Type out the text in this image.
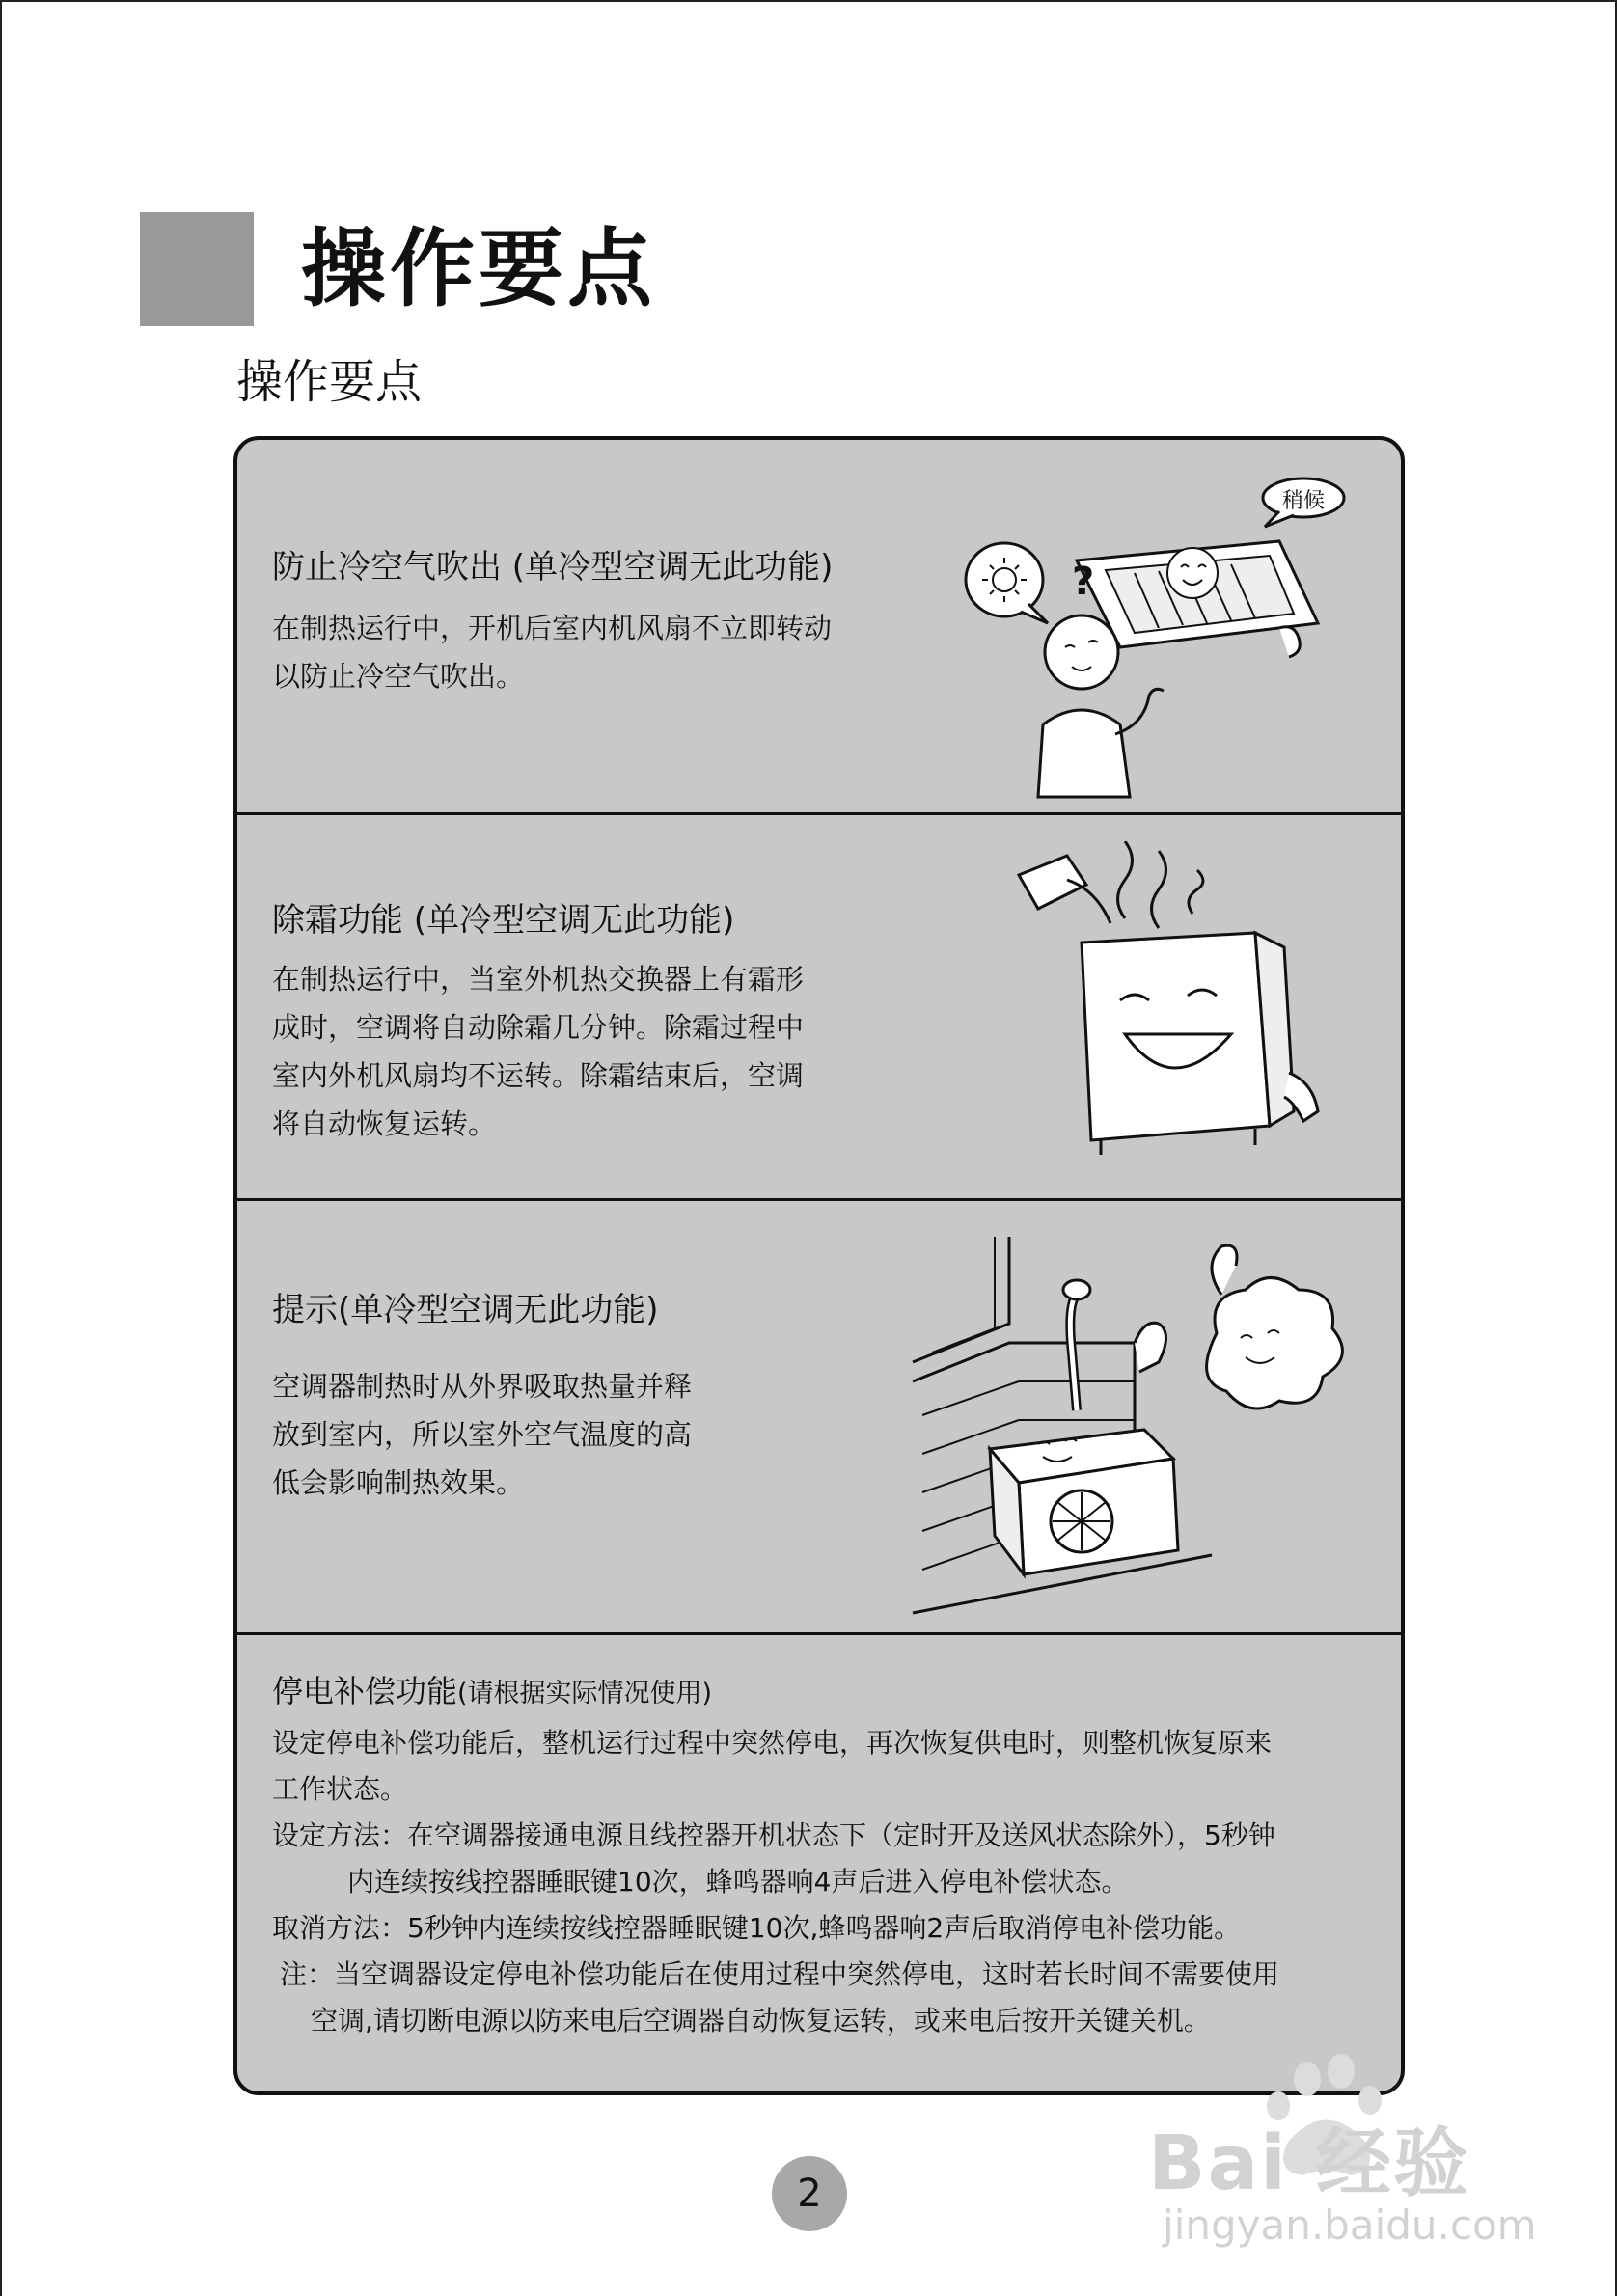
操作要点
操作要点
防止冷空气吹出 (单冷型空调无此功能)

在制热运行中，开机后室内机风扇不立即转动
以防止冷空气吹出。

稍候
?
除霜功能 (单冷型空调无此功能)

在制热运行中，当室外机热交换器上有霜形
成时，空调将自动除霜几分钟。除霜过程中
室内外机风扇均不运转。除霜结束后，空调
将自动恢复运转。

提示(单冷型空调无此功能)

空调器制热时从外界吸取热量并释
放到室内，所以室外空气温度的高
低会影响制热效果。

停电补偿功能(请根据实际情况使用)
设定停电补偿功能后，整机运行过程中突然停电，再次恢复供电时，则整机恢复原来
工作状态。
设定方法：在空调器接通电源且线控器开机状态下（定时开及送风状态除外），5秒钟
内连续按线控器睡眠键10次，蜂鸣器响4声后进入停电补偿状态。
取消方法：5秒钟内连续按线控器睡眠键10次,蜂鸣器响2声后取消停电补偿功能。
注：当空调器设定停电补偿功能后在使用过程中突然停电，这时若长时间不需要使用
空调,请切断电源以防来电后空调器自动恢复运转，或来电后按开关键关机。
2	Bai 经验
jingyan.baidu.com
